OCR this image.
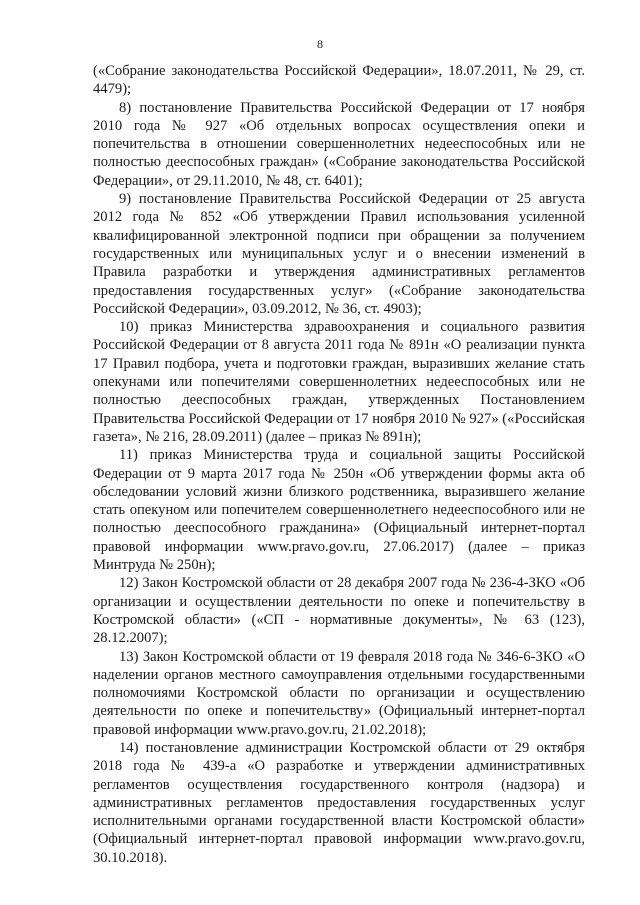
8

(«Собрание законодательства Российской Федерации», 18.07.2011, № 29, ст. 4479);

8) постановление Правительства Российской Федерации от 17 ноября 2010 года № 927 «Об отдельных вопросах осуществления опеки и попечительства в отношении совершеннолетних недееспособных или не полностью дееспособных граждан» («Собрание законодательства Российской Федерации», от 29.11.2010, № 48, ст. 6401);

9) постановление Правительства Российской Федерации от 25 августа 2012 года № 852 «Об утверждении Правил использования усиленной квалифицированной электронной подписи при обращении за получением государственных или муниципальных услуг и о внесении изменений в Правила разработки и утверждения административных регламентов предоставления государственных услуг» («Собрание законодательства Российской Федерации», 03.09.2012, № 36, ст. 4903);

10) приказ Министерства здравоохранения и социального развития Российской Федерации от 8 августа 2011 года № 891н «О реализации пункта 17 Правил подбора, учета и подготовки граждан, выразивших желание стать опекунами или попечителями совершеннолетних недееспособных или не полностью дееспособных граждан, утвержденных Постановлением Правительства Российской Федерации от 17 ноября 2010 № 927» («Российская газета», № 216, 28.09.2011) (далее – приказ № 891н);

11) приказ Министерства труда и социальной защиты Российской Федерации от 9 марта 2017 года № 250н «Об утверждении формы акта об обследовании условий жизни близкого родственника, выразившего желание стать опекуном или попечителем совершеннолетнего недееспособного или не полностью дееспособного гражданина» (Официальный интернет-портал правовой информации www.pravo.gov.ru, 27.06.2017) (далее – приказ Минтруда № 250н);

12) Закон Костромской области от 28 декабря 2007 года № 236-4-ЗКО «Об организации и осуществлении деятельности по опеке и попечительству в Костромской области» («СП - нормативные документы», № 63 (123), 28.12.2007);

13) Закон Костромской области от 19 февраля 2018 года № 346-6-ЗКО «О наделении органов местного самоуправления отдельными государственными полномочиями Костромской области по организации и осуществлению деятельности по опеке и попечительству» (Официальный интернет-портал правовой информации www.pravo.gov.ru, 21.02.2018);

14) постановление администрации Костромской области от 29 октября 2018 года № 439-а «О разработке и утверждении административных регламентов осуществления государственного контроля (надзора) и административных регламентов предоставления государственных услуг исполнительными органами государственной власти Костромской области» (Официальный интернет-портал правовой информации www.pravo.gov.ru, 30.10.2018).
